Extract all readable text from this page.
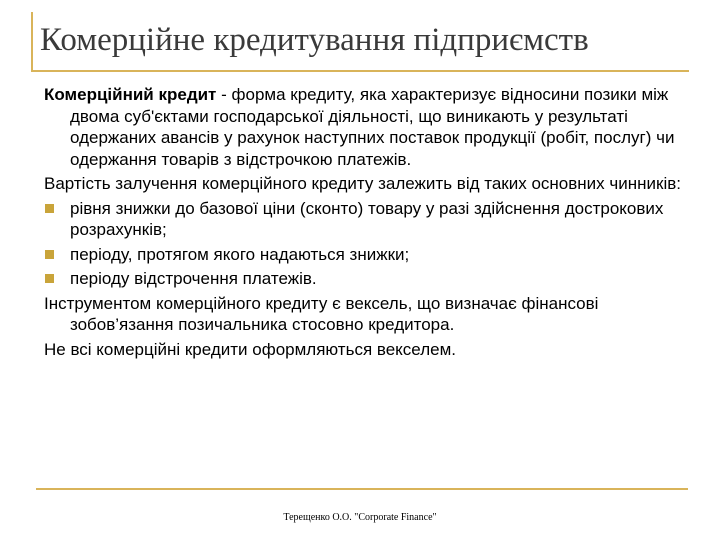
Комерційне кредитування підприємств

Комерційний кредит - форма кредиту, яка характеризує відносини позики між двома суб'єктами господарської діяльності, що виникають у результаті одержаних авансів у рахунок наступних поставок продукції (робіт, послуг) чи одержання товарів з відстрочкою платежів.

Вартість залучення комерційного кредиту залежить від таких основних чинників:

рівня знижки до базової ціни (сконто) товару у разі здійснення дострокових розрахунків;
періоду, протягом якого надаються знижки;
періоду відстрочення платежів.

Інструментом комерційного кредиту є вексель, що визначає фінансові зобов’язання позичальника стосовно кредитора.

Не всі комерційні кредити оформляються векселем.

Терещенко О.О. "Corporate Finance"
